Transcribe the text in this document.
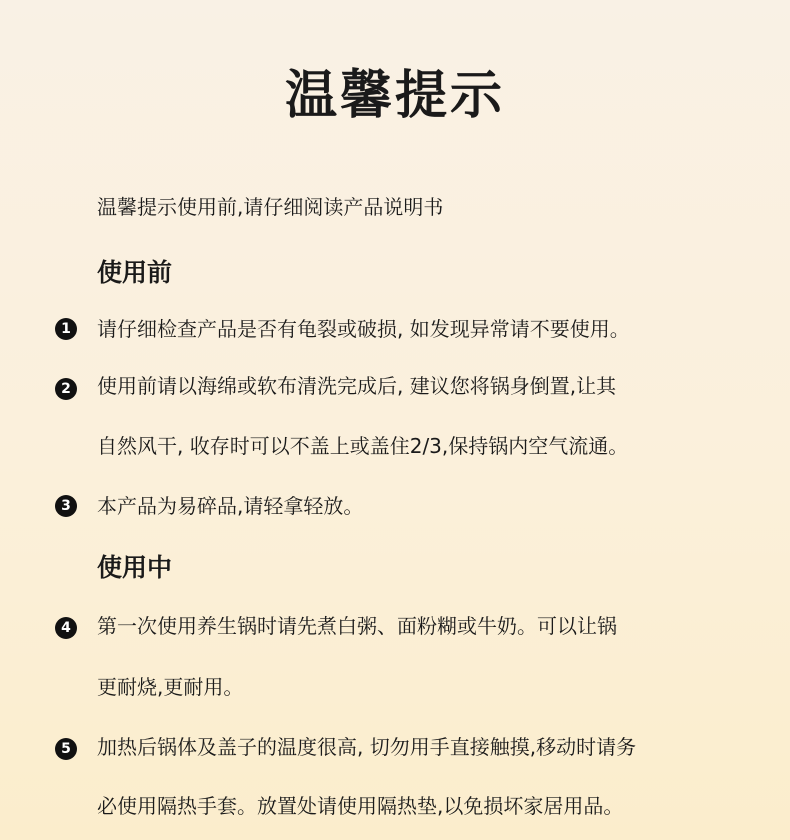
温馨提示
温馨提示使用前,请仔细阅读产品说明书
使用前
1	请仔细检查产品是否有龟裂或破损, 如发现异常请不要使用。
2	使用前请以海绵或软布清洗完成后, 建议您将锅身倒置,让其
自然风干, 收存时可以不盖上或盖住2/3,保持锅内空气流通。
3	本产品为易碎品,请轻拿轻放。
使用中
4	第一次使用养生锅时请先煮白粥、面粉糊或牛奶。可以让锅
更耐烧,更耐用。
5	加热后锅体及盖子的温度很高, 切勿用手直接触摸,移动时请务
必使用隔热手套。放置处请使用隔热垫,以免损坏家居用品。
